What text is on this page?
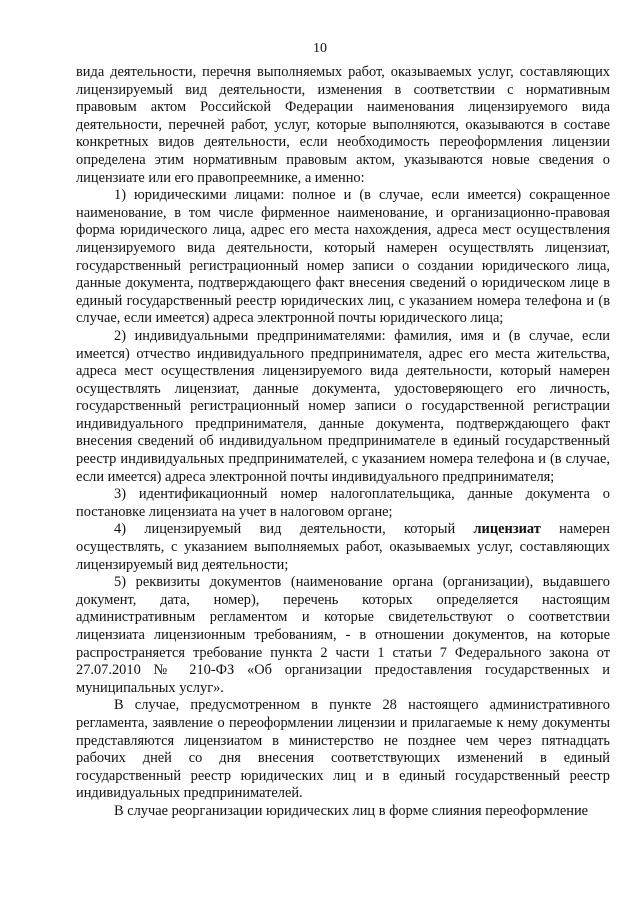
10

вида деятельности, перечня выполняемых работ, оказываемых услуг, составляющих лицензируемый вид деятельности, изменения в соответствии с нормативным правовым актом Российской Федерации наименования лицензируемого вида деятельности, перечней работ, услуг, которые выполняются, оказываются в составе конкретных видов деятельности, если необходимость переоформления лицензии определена этим нормативным правовым актом, указываются новые сведения о лицензиате или его правопреемнике, а именно:

1) юридическими лицами: полное и (в случае, если имеется) сокращенное наименование, в том числе фирменное наименование, и организационно-правовая форма юридического лица, адрес его места нахождения, адреса мест осуществления лицензируемого вида деятельности, который намерен осуществлять лицензиат, государственный регистрационный номер записи о создании юридического лица, данные документа, подтверждающего факт внесения сведений о юридическом лице в единый государственный реестр юридических лиц, с указанием номера телефона и (в случае, если имеется) адреса электронной почты юридического лица;

2) индивидуальными предпринимателями: фамилия, имя и (в случае, если имеется) отчество индивидуального предпринимателя, адрес его места жительства, адреса мест осуществления лицензируемого вида деятельности, который намерен осуществлять лицензиат, данные документа, удостоверяющего его личность, государственный регистрационный номер записи о государственной регистрации индивидуального предпринимателя, данные документа, подтверждающего факт внесения сведений об индивидуальном предпринимателе в единый государственный реестр индивидуальных предпринимателей, с указанием номера телефона и (в случае, если имеется) адреса электронной почты индивидуального предпринимателя;

3) идентификационный номер налогоплательщика, данные документа о постановке лицензиата на учет в налоговом органе;

4) лицензируемый вид деятельности, который лицензиат намерен осуществлять, с указанием выполняемых работ, оказываемых услуг, составляющих лицензируемый вид деятельности;

5) реквизиты документов (наименование органа (организации), выдавшего документ, дата, номер), перечень которых определяется настоящим административным регламентом и которые свидетельствуют о соответствии лицензиата лицензионным требованиям, - в отношении документов, на которые распространяется требование пункта 2 части 1 статьи 7 Федерального закона от 27.07.2010 № 210-ФЗ «Об организации предоставления государственных и муниципальных услуг».

В случае, предусмотренном в пункте 28 настоящего административного регламента, заявление о переоформлении лицензии и прилагаемые к нему документы представляются лицензиатом в министерство не позднее чем через пятнадцать рабочих дней со дня внесения соответствующих изменений в единый государственный реестр юридических лиц и в единый государственный реестр индивидуальных предпринимателей.

В случае реорганизации юридических лиц в форме слияния переоформление
